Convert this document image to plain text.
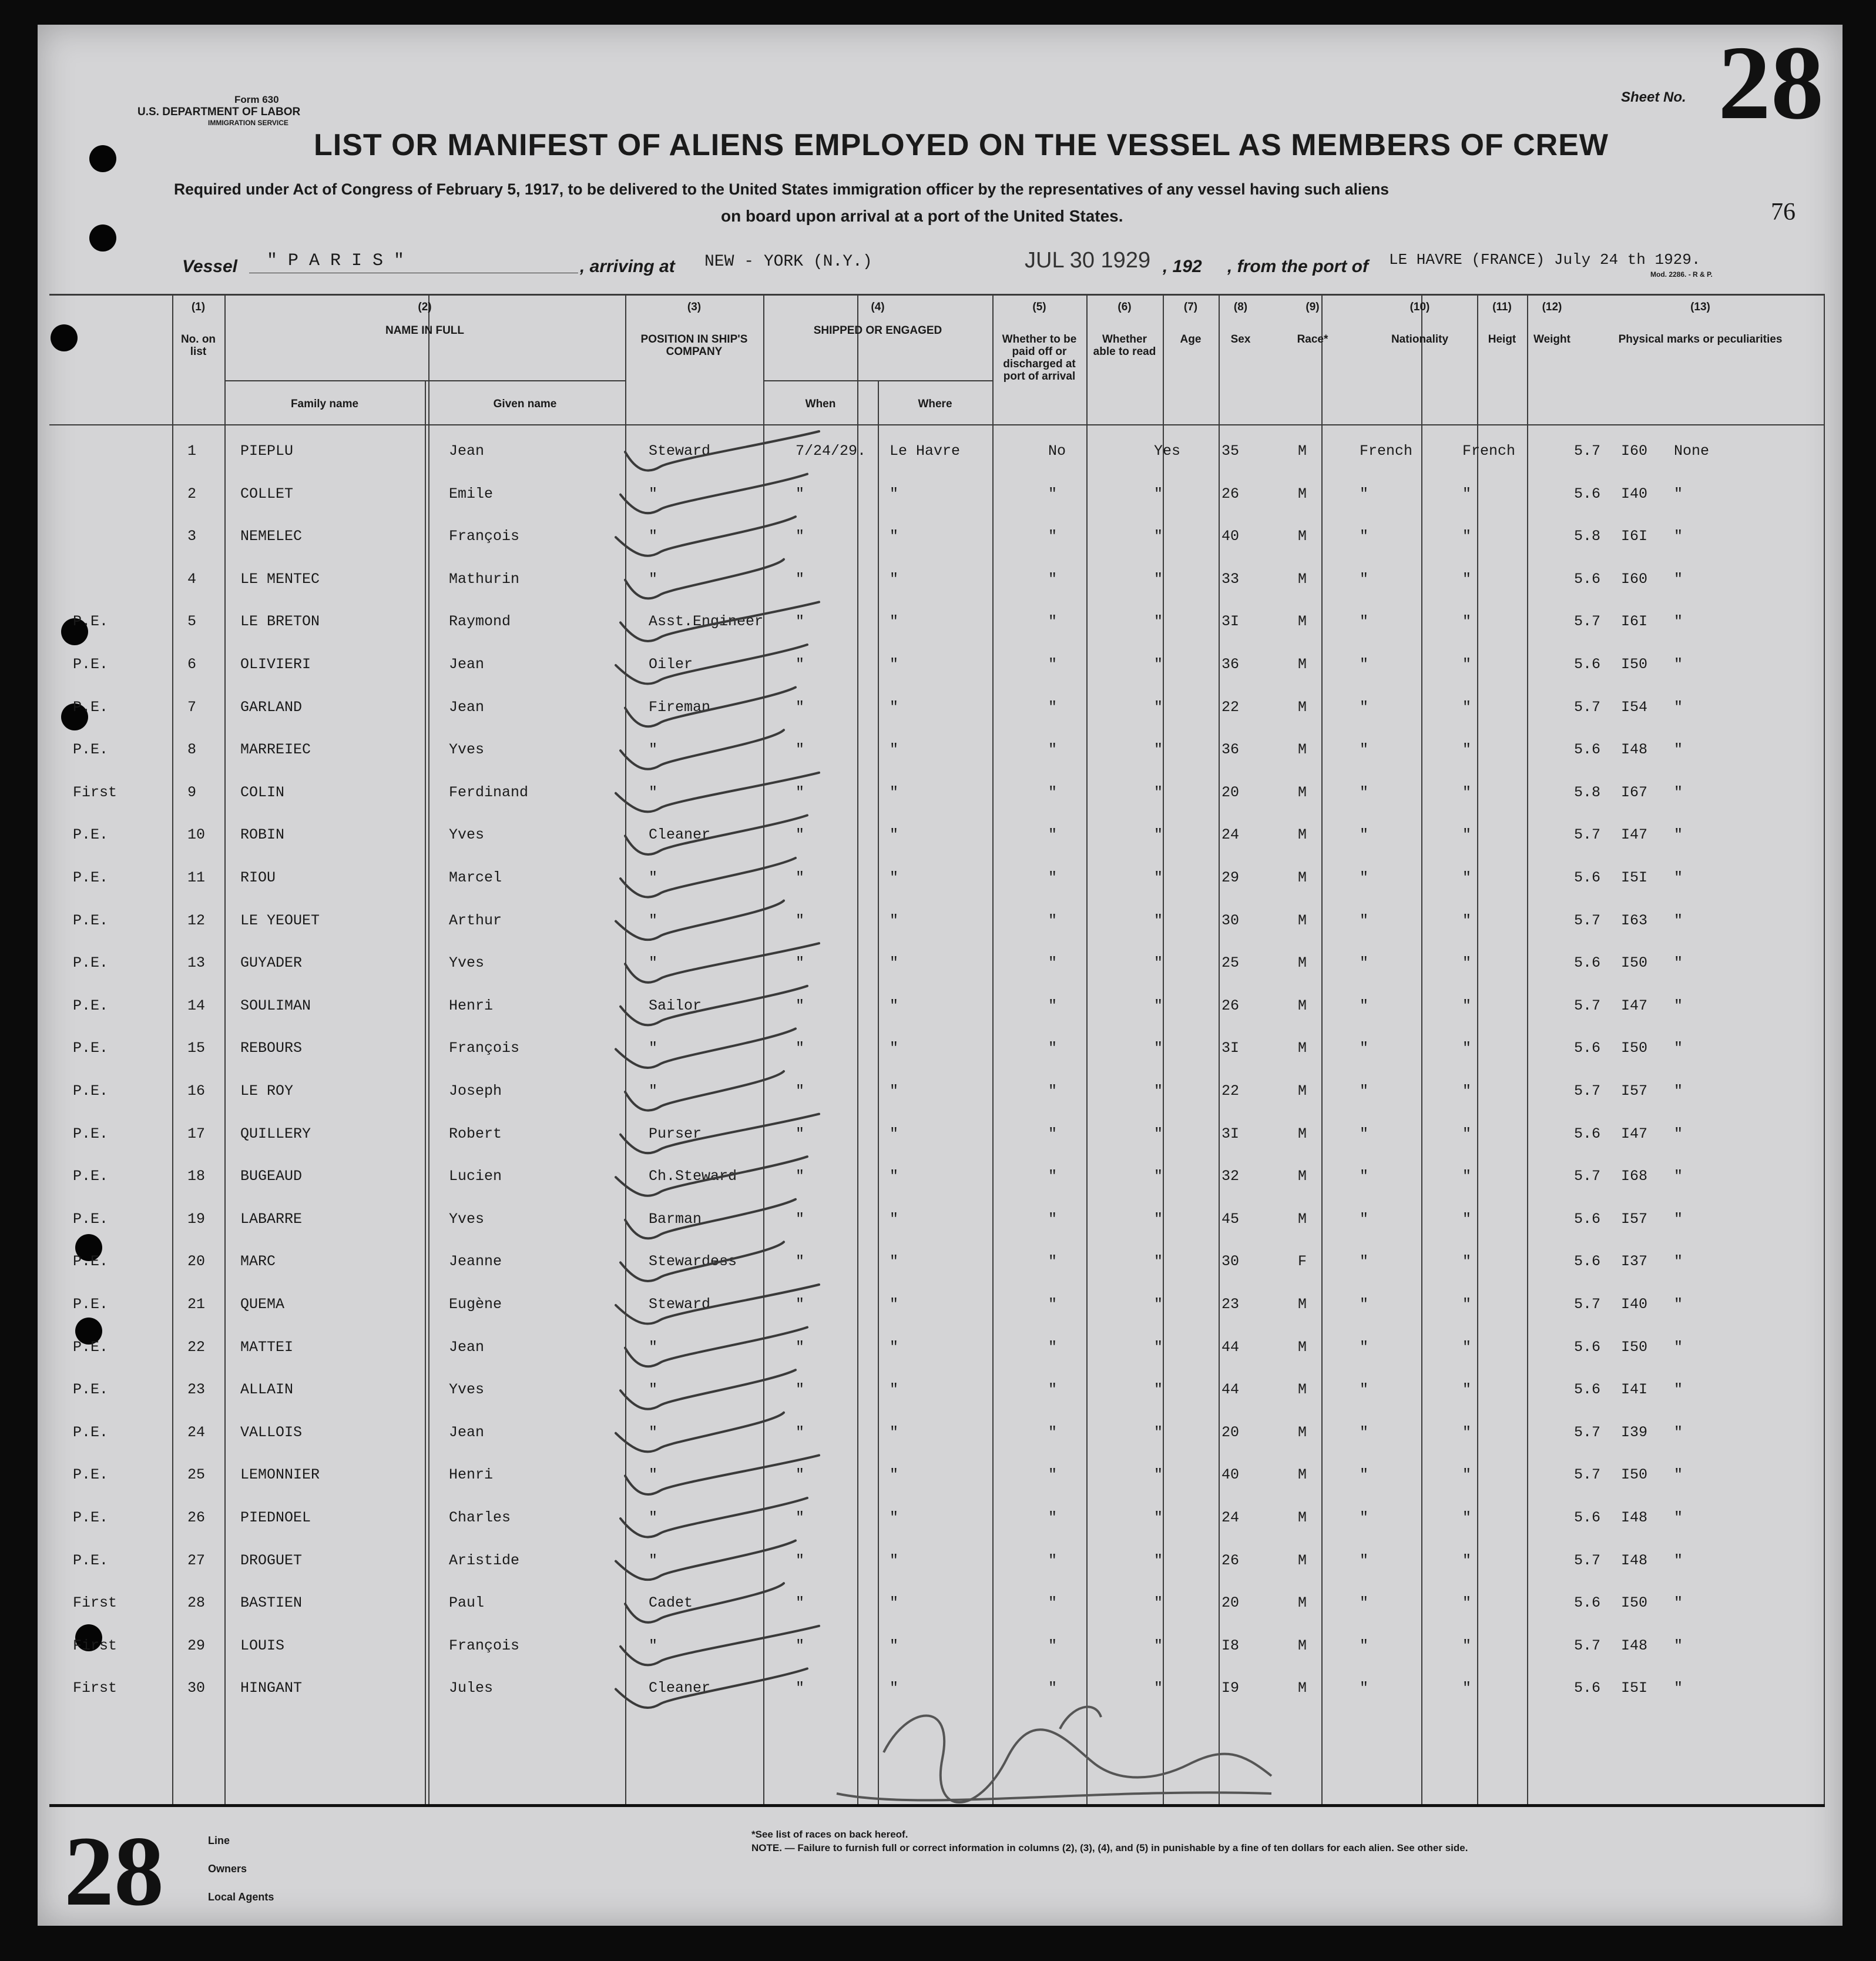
Form 630
U.S. DEPARTMENT OF LABOR
IMMIGRATION SERVICE
Sheet No. 28
LIST OR MANIFEST OF ALIENS EMPLOYED ON THE VESSEL AS MEMBERS OF CREW
Required under Act of Congress of February 5, 1917, to be delivered to the United States immigration officer by the representatives of any vessel having such aliens
on board upon arrival at a port of the United States.	76
Vessel " P A R I S "	, arriving at NEW - YORK (N.Y.)	JUL 30 1929 , 192 , from the port of LE HAVRE (FRANCE) July 24 th 1929.
Mod. 2286. - R & P.
(1)
No. on list
(2)
NAME IN FULL
Family name	Given name
(3)
POSITION IN SHIP'S COMPANY
(4)
SHIPPED OR ENGAGED
When	Where
(5)
Whether to be paid off or discharged at port of arrival
(6)
Whether able to read
(7)
Age
(8)
Sex
(9)
Race*
(10)
Nationality
(11)
Heigt
(12)
Weight
(13)
Physical marks or peculiarities
1	PIEPLU	Jean	Steward	7/24/29. Le Havre	No	Yes	35	M	French	French	5.7 I60 None
2	COLLET	Emile	"	"	"	"	"	26	M	"	"	5.6 I40 "
3	NEMELEC	François	"	"	"	"	"	40	M	"	"	5.8 I6I "
4	LE MENTEC	Mathurin	"	"	"	"	"	33	M	"	"	5.6 I60 "
P.E.	5	LE BRETON	Raymond	Asst.Engineer "	"	"	"	3I	M	"	"	5.7 I6I "
P.E.	6	OLIVIERI	Jean	Oiler	"	"	"	"	36	M	"	"	5.6 I50 "
P.E.	7	GARLAND	Jean	Fireman	"	"	"	"	22	M	"	"	5.7 I54 "
P.E.	8	MARREIEC	Yves	"	"	"	"	"	36	M	"	"	5.6 I48 "
First	9	COLIN	Ferdinand	"	"	"	"	"	20	M	"	"	5.8 I67 "
P.E.	10 ROBIN	Yves	Cleaner	"	"	"	"	24	M	"	"	5.7 I47 "
P.E.	11 RIOU	Marcel	"	"	"	"	"	29	M	"	"	5.6 I5I "
P.E.	12 LE YEOUET	Arthur	"	"	"	"	"	30	M	"	"	5.7 I63 "
P.E.	13 GUYADER	Yves	"	"	"	"	"	25	M	"	"	5.6 I50 "
P.E.	14 SOULIMAN	Henri	Sailor	"	"	"	"	26	M	"	"	5.7 I47 "
P.E.	15 REBOURS	François	"	"	"	"	"	3I	M	"	"	5.6 I50 "
P.E.	16 LE ROY	Joseph	"	"	"	"	"	22	M	"	"	5.7 I57 "
P.E.	17 QUILLERY	Robert	Purser	"	"	"	"	3I	M	"	"	5.6 I47 "
P.E.	18 BUGEAUD	Lucien	Ch.Steward	"	"	"	"	32	M	"	"	5.7 I68 "
P.E.	19 LABARRE	Yves	Barman	"	"	"	"	45	M	"	"	5.6 I57 "
P.E.	20 MARC	Jeanne	Stewardess	"	"	"	"	30	F	"	"	5.6 I37 "
P.E.	21 QUEMA	Eugène	Steward	"	"	"	"	23	M	"	"	5.7 I40 "
P.E.	22 MATTEI	Jean	"	"	"	"	"	44	M	"	"	5.6 I50 "
P.E.	23 ALLAIN	Yves	"	"	"	"	"	44	M	"	"	5.6 I4I "
P.E.	24 VALLOIS	Jean	"	"	"	"	"	20	M	"	"	5.7 I39 "
P.E.	25 LEMONNIER	Henri	"	"	"	"	"	40	M	"	"	5.7 I50 "
P.E.	26 PIEDNOEL	Charles	"	"	"	"	"	24	M	"	"	5.6 I48 "
P.E.	27 DROGUET	Aristide	"	"	"	"	"	26	M	"	"	5.7 I48 "
First	28 BASTIEN	Paul	Cadet	"	"	"	"	20	M	"	"	5.6 I50 "
First	29 LOUIS	François	"	"	"	"	"	I8	M	"	"	5.7 I48 "
First	30 HINGANT	Jules	Cleaner	"	"	"	"	I9	M	"	"	5.6 I5I "
28	Line
Owners
Local Agents
*See list of races on back hereof.
NOTE. — Failure to furnish full or correct information in columns (2), (3), (4), and (5) in punishable by a fine of ten dollars for each alien. See other side.
